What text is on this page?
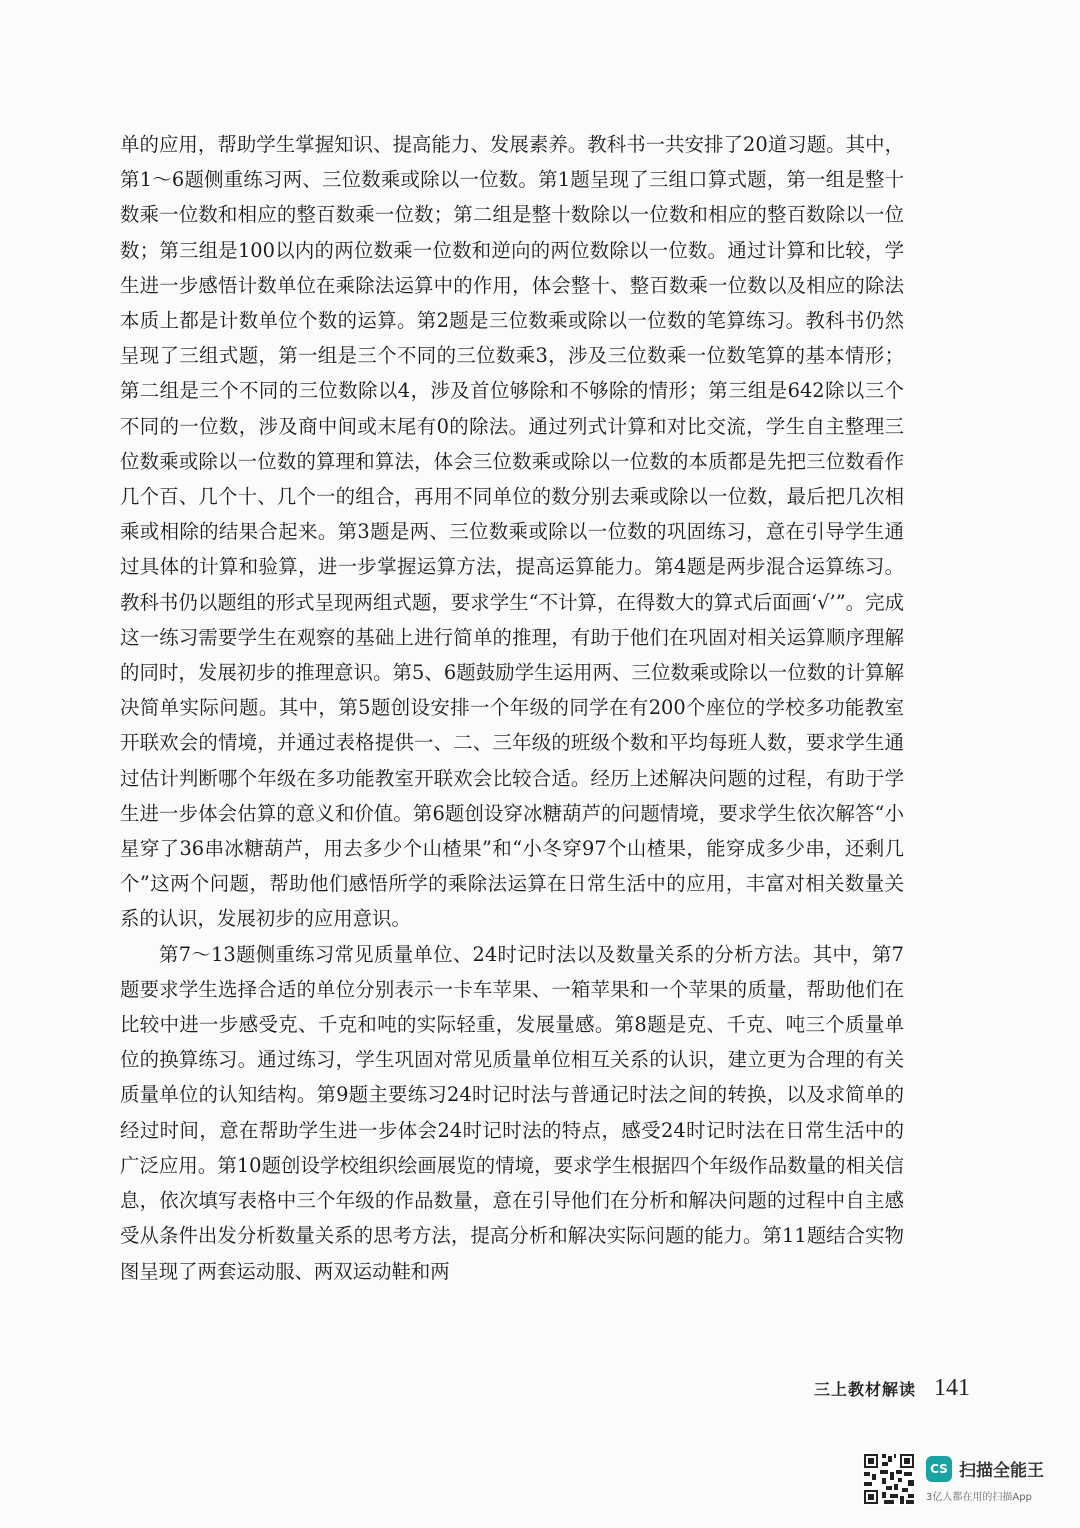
单的应用，帮助学生掌握知识、提高能力、发展素养。教科书一共安排了20道习题。其中，第1～6题侧重练习两、三位数乘或除以一位数。第1题呈现了三组口算式题，第一组是整十数乘一位数和相应的整百数乘一位数；第二组是整十数除以一位数和相应的整百数除以一位数；第三组是100以内的两位数乘一位数和逆向的两位数除以一位数。通过计算和比较，学生进一步感悟计数单位在乘除法运算中的作用，体会整十、整百数乘一位数以及相应的除法本质上都是计数单位个数的运算。第2题是三位数乘或除以一位数的笔算练习。教科书仍然呈现了三组式题，第一组是三个不同的三位数乘3，涉及三位数乘一位数笔算的基本情形；第二组是三个不同的三位数除以4，涉及首位够除和不够除的情形；第三组是642除以三个不同的一位数，涉及商中间或末尾有0的除法。通过列式计算和对比交流，学生自主整理三位数乘或除以一位数的算理和算法，体会三位数乘或除以一位数的本质都是先把三位数看作几个百、几个十、几个一的组合，再用不同单位的数分别去乘或除以一位数，最后把几次相乘或相除的结果合起来。第3题是两、三位数乘或除以一位数的巩固练习，意在引导学生通过具体的计算和验算，进一步掌握运算方法，提高运算能力。第4题是两步混合运算练习。教科书仍以题组的形式呈现两组式题，要求学生“不计算，在得数大的算式后面画‘√’”。完成这一练习需要学生在观察的基础上进行简单的推理，有助于他们在巩固对相关运算顺序理解的同时，发展初步的推理意识。第5、6题鼓励学生运用两、三位数乘或除以一位数的计算解决简单实际问题。其中，第5题创设安排一个年级的同学在有200个座位的学校多功能教室开联欢会的情境，并通过表格提供一、二、三年级的班级个数和平均每班人数，要求学生通过估计判断哪个年级在多功能教室开联欢会比较合适。经历上述解决问题的过程，有助于学生进一步体会估算的意义和价值。第6题创设穿冰糖葫芦的问题情境，要求学生依次解答“小星穿了36串冰糖葫芦，用去多少个山楂果”和“小冬穿97个山楂果，能穿成多少串，还剩几个”这两个问题，帮助他们感悟所学的乘除法运算在日常生活中的应用，丰富对相关数量关系的认识，发展初步的应用意识。

第7～13题侧重练习常见质量单位、24时记时法以及数量关系的分析方法。其中，第7题要求学生选择合适的单位分别表示一卡车苹果、一箱苹果和一个苹果的质量，帮助他们在比较中进一步感受克、千克和吨的实际轻重，发展量感。第8题是克、千克、吨三个质量单位的换算练习。通过练习，学生巩固对常见质量单位相互关系的认识，建立更为合理的有关质量单位的认知结构。第9题主要练习24时记时法与普通记时法之间的转换，以及求简单的经过时间，意在帮助学生进一步体会24时记时法的特点，感受24时记时法在日常生活中的广泛应用。第10题创设学校组织绘画展览的情境，要求学生根据四个年级作品数量的相关信息，依次填写表格中三个年级的作品数量，意在引导他们在分析和解决问题的过程中自主感受从条件出发分析数量关系的思考方法，提高分析和解决实际问题的能力。第11题结合实物图呈现了两套运动服、两双运动鞋和两

三上教材解读 141
CS 扫描全能王
3亿人都在用的扫描App
